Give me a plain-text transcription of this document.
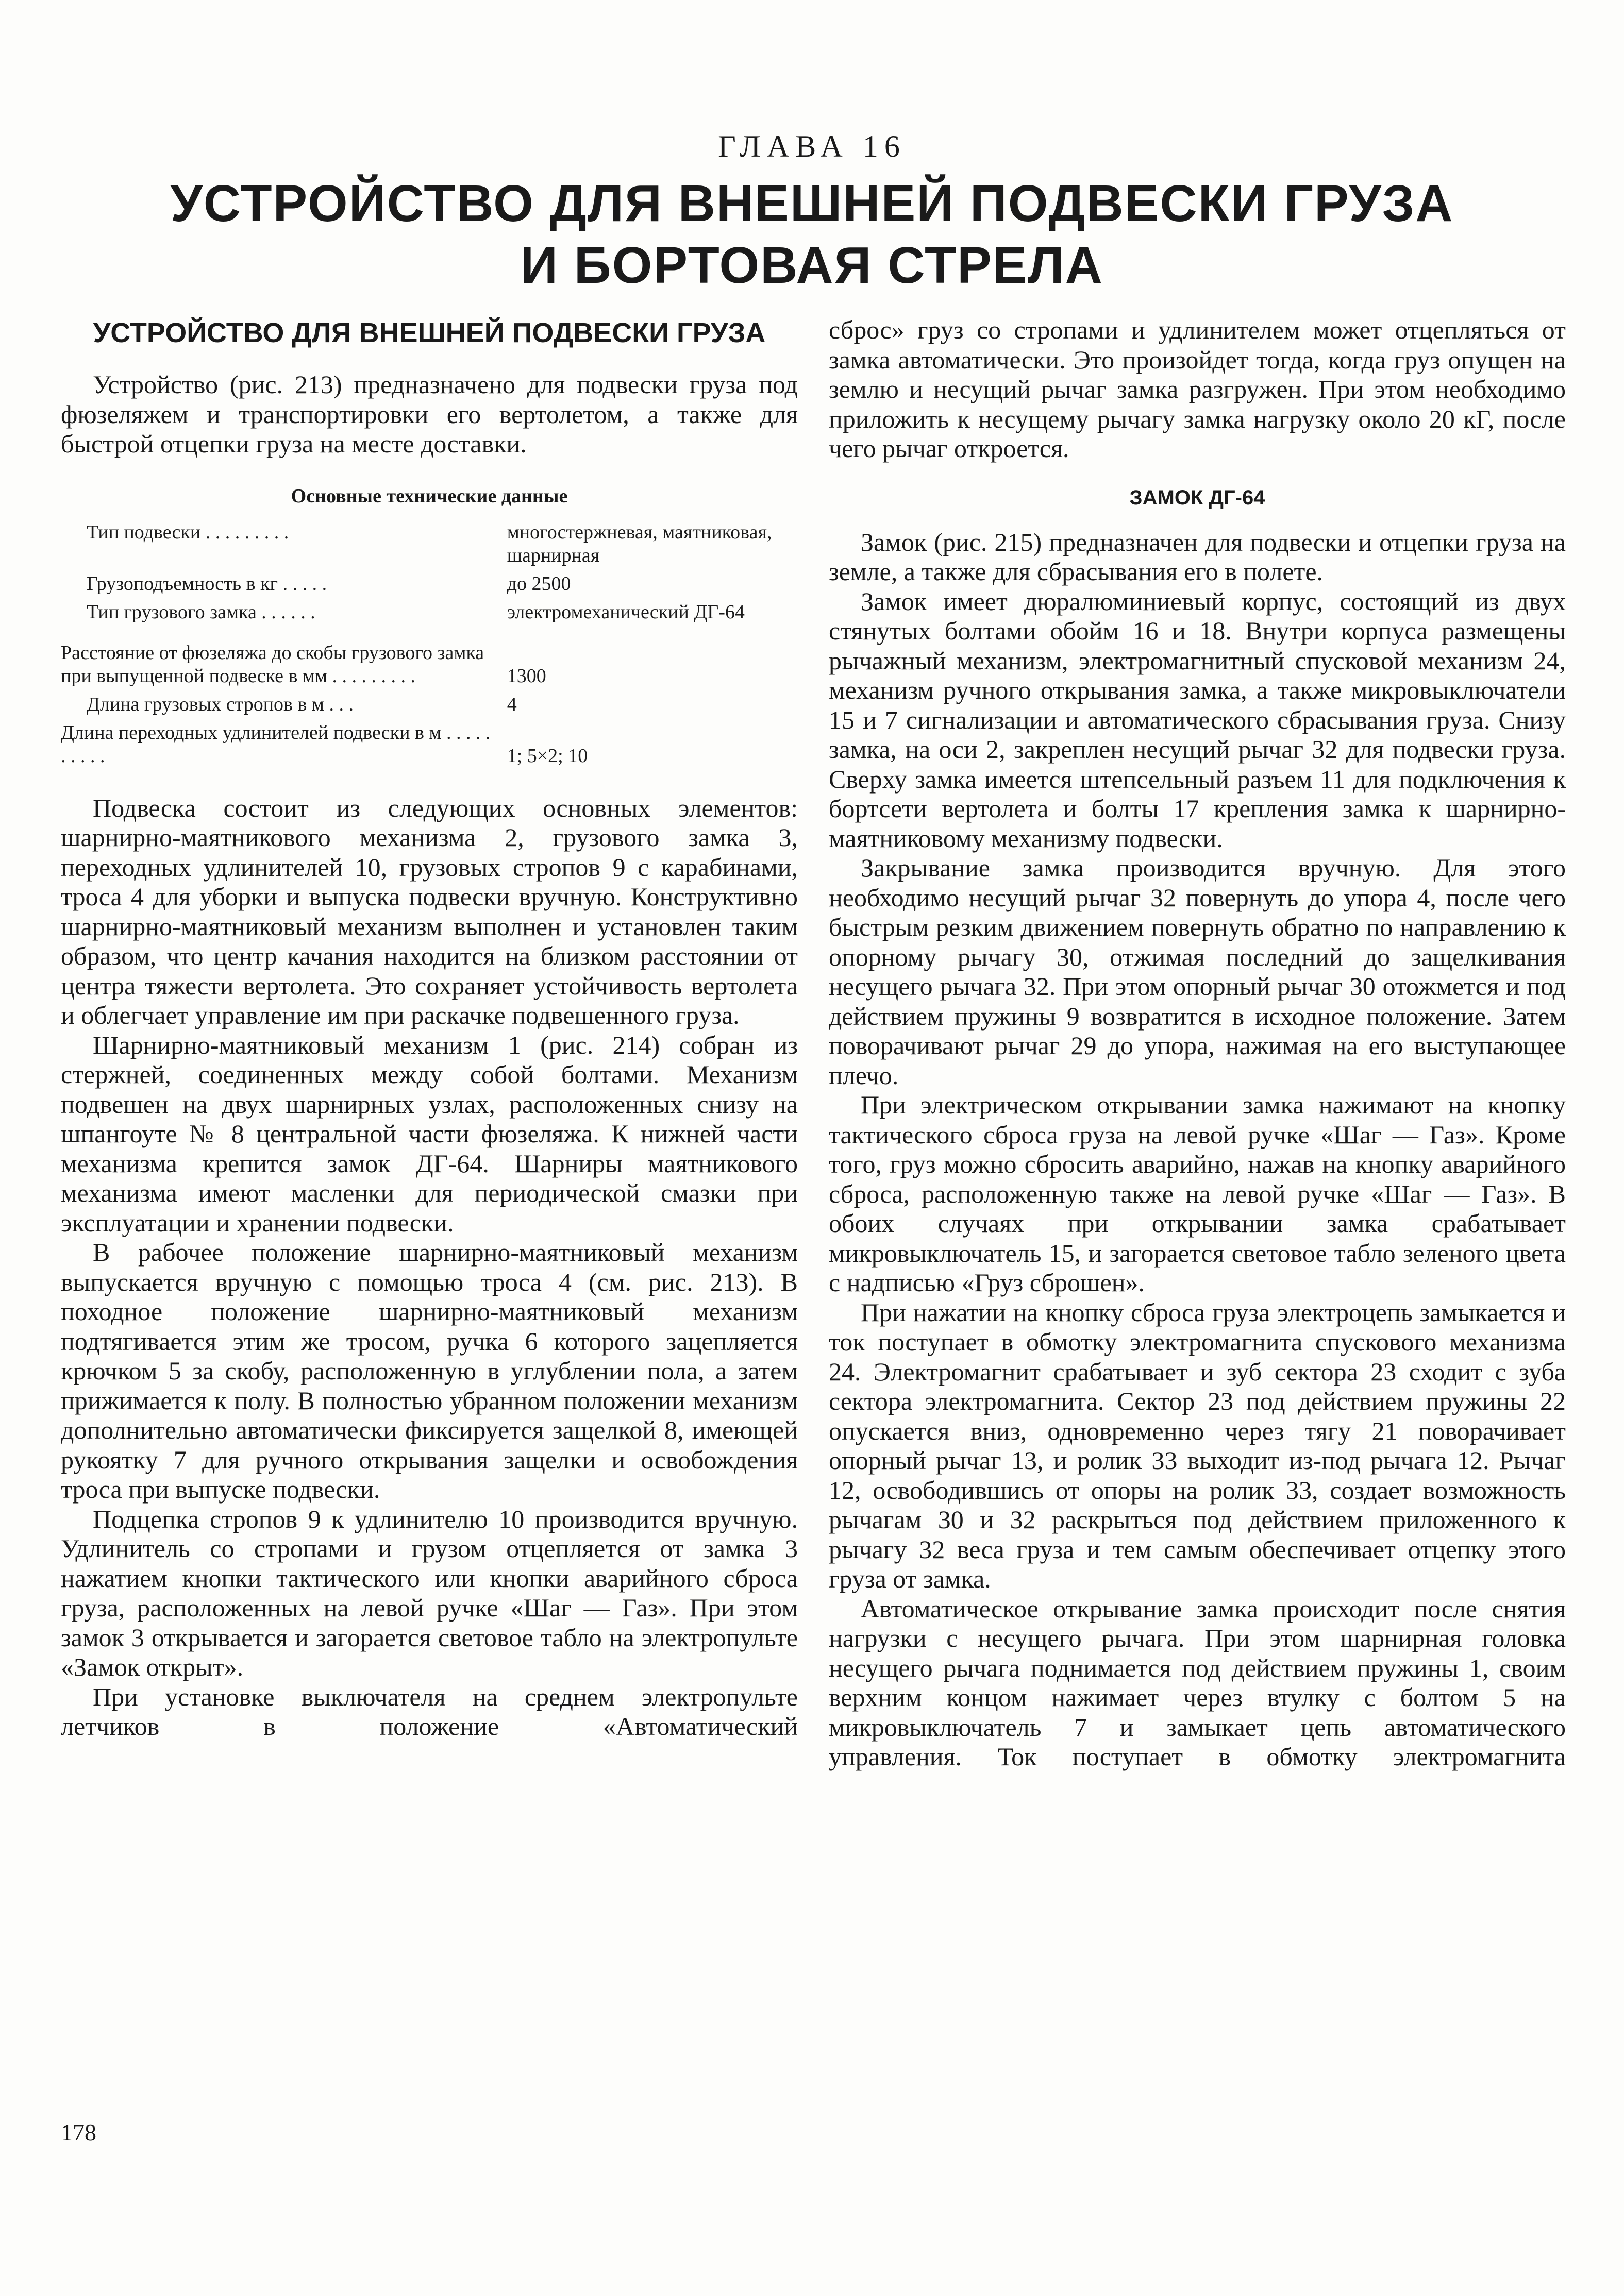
ГЛАВА 16
УСТРОЙСТВО ДЛЯ ВНЕШНЕЙ ПОДВЕСКИ ГРУЗА
И БОРТОВАЯ СТРЕЛА
УСТРОЙСТВО ДЛЯ ВНЕШНЕЙ ПОДВЕСКИ ГРУЗА

Устройство (рис. 213) предназначено для подвески груза под фюзеляжем и транспортировки его вертолетом, а также для быстрой отцепки груза на месте доставки.

Основные технические данные
Тип подвески . . . . . . . . .	многостержневая, маятниковая, шарнирная
Грузоподъемность в кг . . . . .	до 2500
Тип грузового замка . . . . . .	электромеханический ДГ-64
Расстояние от фюзеляжа до скобы грузового замка при выпущенной подвеске в мм . . . . . . . . .	1300
Длина грузовых стропов в м . . .	4
Длина переходных удлинителей подвески в м . . . . . . . . . .	1; 5×2; 10

Подвеска состоит из следующих основных элементов: шарнирно-маятникового механизма 2, грузового замка 3, переходных удлинителей 10, грузовых стропов 9 с карабинами, троса 4 для уборки и выпуска подвески вручную. Конструктивно шарнирно-маятниковый механизм выполнен и установлен таким образом, что центр качания находится на близком расстоянии от центра тяжести вертолета. Это сохраняет устойчивость вертолета и облегчает управление им при раскачке подвешенного груза.

Шарнирно-маятниковый механизм 1 (рис. 214) собран из стержней, соединенных между собой болтами. Механизм подвешен на двух шарнирных узлах, расположенных снизу на шпангоуте № 8 центральной части фюзеляжа. К нижней части механизма крепится замок ДГ-64. Шарниры маятникового механизма имеют масленки для периодической смазки при эксплуатации и хранении подвески.

В рабочее положение шарнирно-маятниковый механизм выпускается вручную с помощью троса 4 (см. рис. 213). В походное положение шарнирно-маятниковый механизм подтягивается этим же тросом, ручка 6 которого зацепляется крючком 5 за скобу, расположенную в углублении пола, а затем прижимается к полу. В полностью убранном положении механизм дополнительно автоматически фиксируется защелкой 8, имеющей рукоятку 7 для ручного открывания защелки и освобождения троса при выпуске подвески.

Подцепка стропов 9 к удлинителю 10 производится вручную. Удлинитель со стропами и грузом отцепляется от замка 3 нажатием кнопки тактического или кнопки аварийного сброса груза, расположенных на левой ручке «Шаг — Газ». При этом замок 3 открывается и загорается световое табло на электропульте «Замок открыт».

При установке выключателя на среднем электропульте летчиков в положение «Автоматический

сброс» груз со стропами и удлинителем может отцепляться от замка автоматически. Это произойдет тогда, когда груз опущен на землю и несущий рычаг замка разгружен. При этом необходимо приложить к несущему рычагу замка нагрузку около 20 кГ, после чего рычаг откроется.

ЗАМОК ДГ-64

Замок (рис. 215) предназначен для подвески и отцепки груза на земле, а также для сбрасывания его в полете.

Замок имеет дюралюминиевый корпус, состоящий из двух стянутых болтами обойм 16 и 18. Внутри корпуса размещены рычажный механизм, электромагнитный спусковой механизм 24, механизм ручного открывания замка, а также микровыключатели 15 и 7 сигнализации и автоматического сбрасывания груза. Снизу замка, на оси 2, закреплен несущий рычаг 32 для подвески груза. Сверху замка имеется штепсельный разъем 11 для подключения к бортсети вертолета и болты 17 крепления замка к шарнирно-маятниковому механизму подвески.

Закрывание замка производится вручную. Для этого необходимо несущий рычаг 32 повернуть до упора 4, после чего быстрым резким движением повернуть обратно по направлению к опорному рычагу 30, отжимая последний до защелкивания несущего рычага 32. При этом опорный рычаг 30 отожмется и под действием пружины 9 возвратится в исходное положение. Затем поворачивают рычаг 29 до упора, нажимая на его выступающее плечо.

При электрическом открывании замка нажимают на кнопку тактического сброса груза на левой ручке «Шаг — Газ». Кроме того, груз можно сбросить аварийно, нажав на кнопку аварийного сброса, расположенную также на левой ручке «Шаг — Газ». В обоих случаях при открывании замка срабатывает микровыключатель 15, и загорается световое табло зеленого цвета с надписью «Груз сброшен».

При нажатии на кнопку сброса груза электроцепь замыкается и ток поступает в обмотку электромагнита спускового механизма 24. Электромагнит срабатывает и зуб сектора 23 сходит с зуба сектора электромагнита. Сектор 23 под действием пружины 22 опускается вниз, одновременно через тягу 21 поворачивает опорный рычаг 13, и ролик 33 выходит из-под рычага 12. Рычаг 12, освободившись от опоры на ролик 33, создает возможность рычагам 30 и 32 раскрыться под действием приложенного к рычагу 32 веса груза и тем самым обеспечивает отцепку этого груза от замка.

Автоматическое открывание замка происходит после снятия нагрузки с несущего рычага. При этом шарнирная головка несущего рычага поднимается под действием пружины 1, своим верхним концом нажимает через втулку с болтом 5 на микровыключатель 7 и замыкает цепь автоматического управления. Ток поступает в обмотку электромагнита

178
